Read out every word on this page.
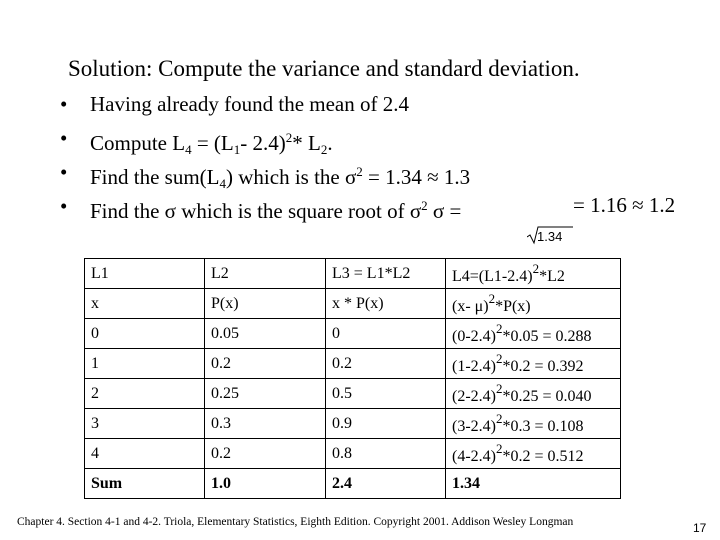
Solution: Compute the variance and standard deviation.
• Having already found the mean of 2.4
• Compute $L_4 = (L_1-$ 2.4)$^2$* $L_2$.
• Find the $sum(L_4)$ which is the $\sigma^2 = 1.34 \approx 1.3$
• Find the σ which is the square root of $\sigma^2$ σ =	= 1.16 ≈ 1.2
1.34
L1	L2	L3 = L1*L2	$L4=(L1-2.4)^2*L2$
x	P(x)	x * P(x)	(x- μ)$^2$*P(x)
0	0.05	0	$(0-2.4)^2*0.05 = 0.288$
1	0.2	0.2	$(1-2.4)^2*0.2 = 0.392$
2	0.25	0.5	$(2-2.4)^2*0.25 = 0.040$
3	0.3	0.9	$(3-2.4)^2*0.3 = 0.108$
4	0.2	0.8	$(4-2.4)^2*0.2 = 0.512$
Sum	1.0	2.4	1.34
Chapter 4. Section 4-1 and 4-2. Triola, Elementary Statistics, Eighth Edition. Copyright 2001. Addison Wesley Longman	17
